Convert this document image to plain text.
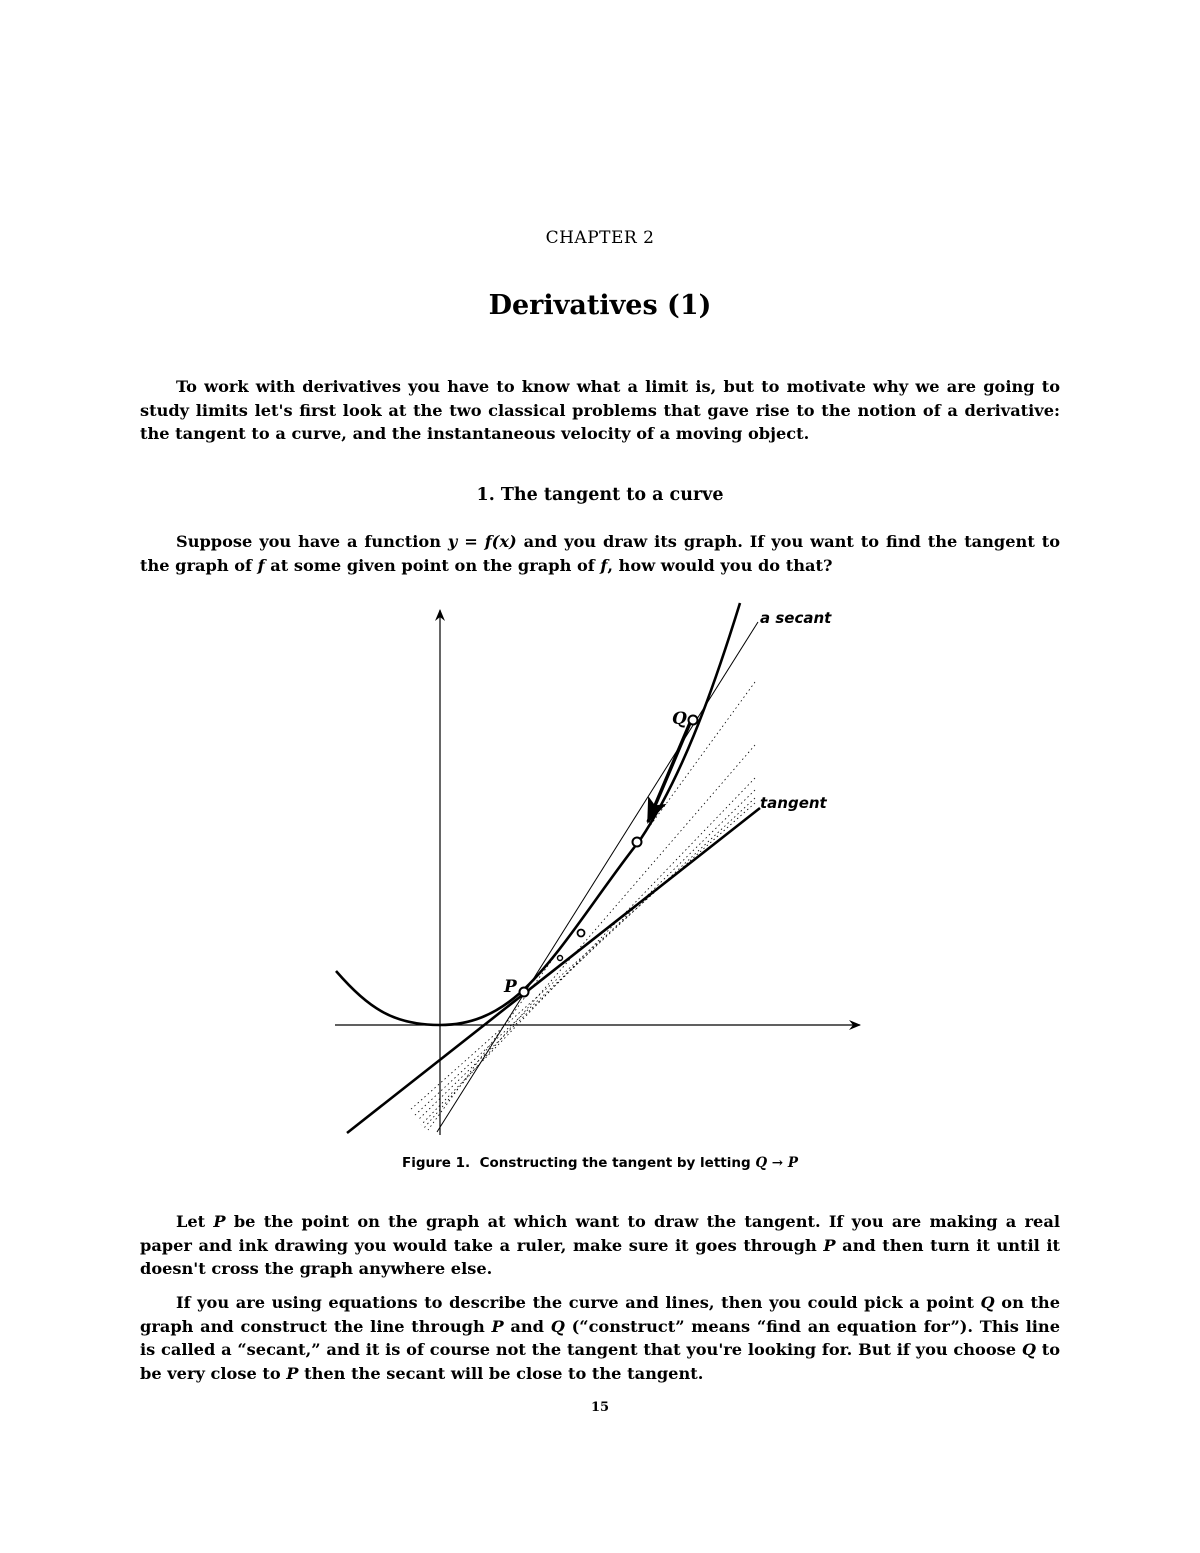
CHAPTER 2
Derivatives (1)

To work with derivatives you have to know what a limit is, but to motivate why we are going to study limits let's first look at the two classical problems that gave rise to the notion of a derivative: the tangent to a curve, and the instantaneous velocity of a moving object.

1. The tangent to a curve

Suppose you have a function y = f(x) and you draw its graph. If you want to find the tangent to the graph of f at some given point on the graph of f, how would you do that?

a secant
tangent
Q
P
Figure 1. Constructing the tangent by letting Q → P

Let P be the point on the graph at which want to draw the tangent. If you are making a real paper and ink drawing you would take a ruler, make sure it goes through P and then turn it until it doesn't cross the graph anywhere else.

If you are using equations to describe the curve and lines, then you could pick a point Q on the graph and construct the line through P and Q (“construct” means “find an equation for”). This line is called a “secant,” and it is of course not the tangent that you're looking for. But if you choose Q to be very close to P then the secant will be close to the tangent.

15
